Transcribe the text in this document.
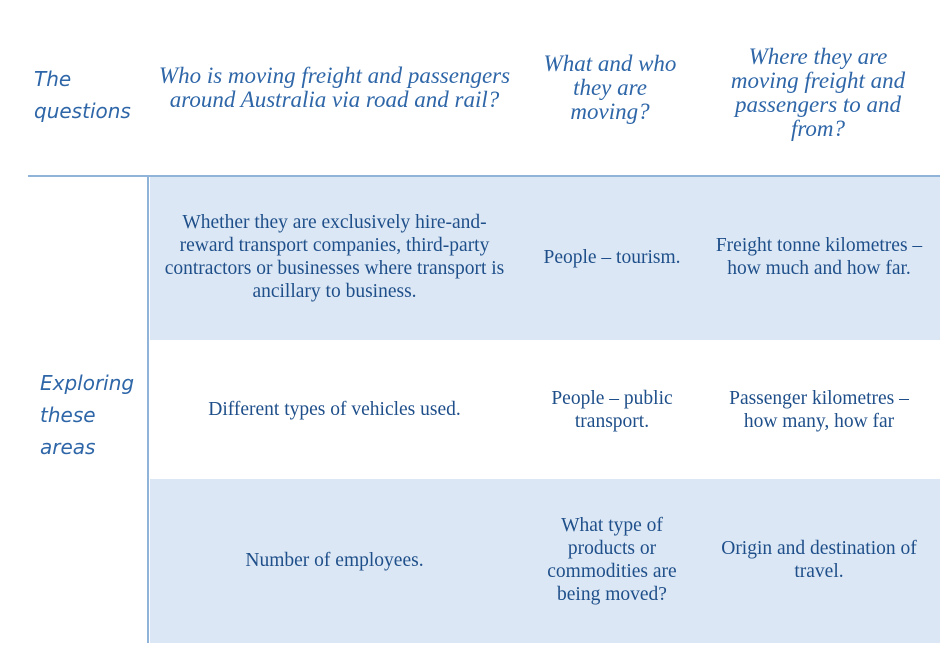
The questions
Who is moving freight and passengers around Australia via road and rail?
What and who they are moving?
Where they are moving freight and passengers to and from?
Exploring these areas
Whether they are exclusively hire-and-reward transport companies, third-party contractors or businesses where transport is ancillary to business.
People – tourism.
Freight tonne kilometres – how much and how far.
Different types of vehicles used.
People – public transport.
Passenger kilometres – how many, how far
Number of employees.
What type of products or commodities are being moved?
Origin and destination of travel.
